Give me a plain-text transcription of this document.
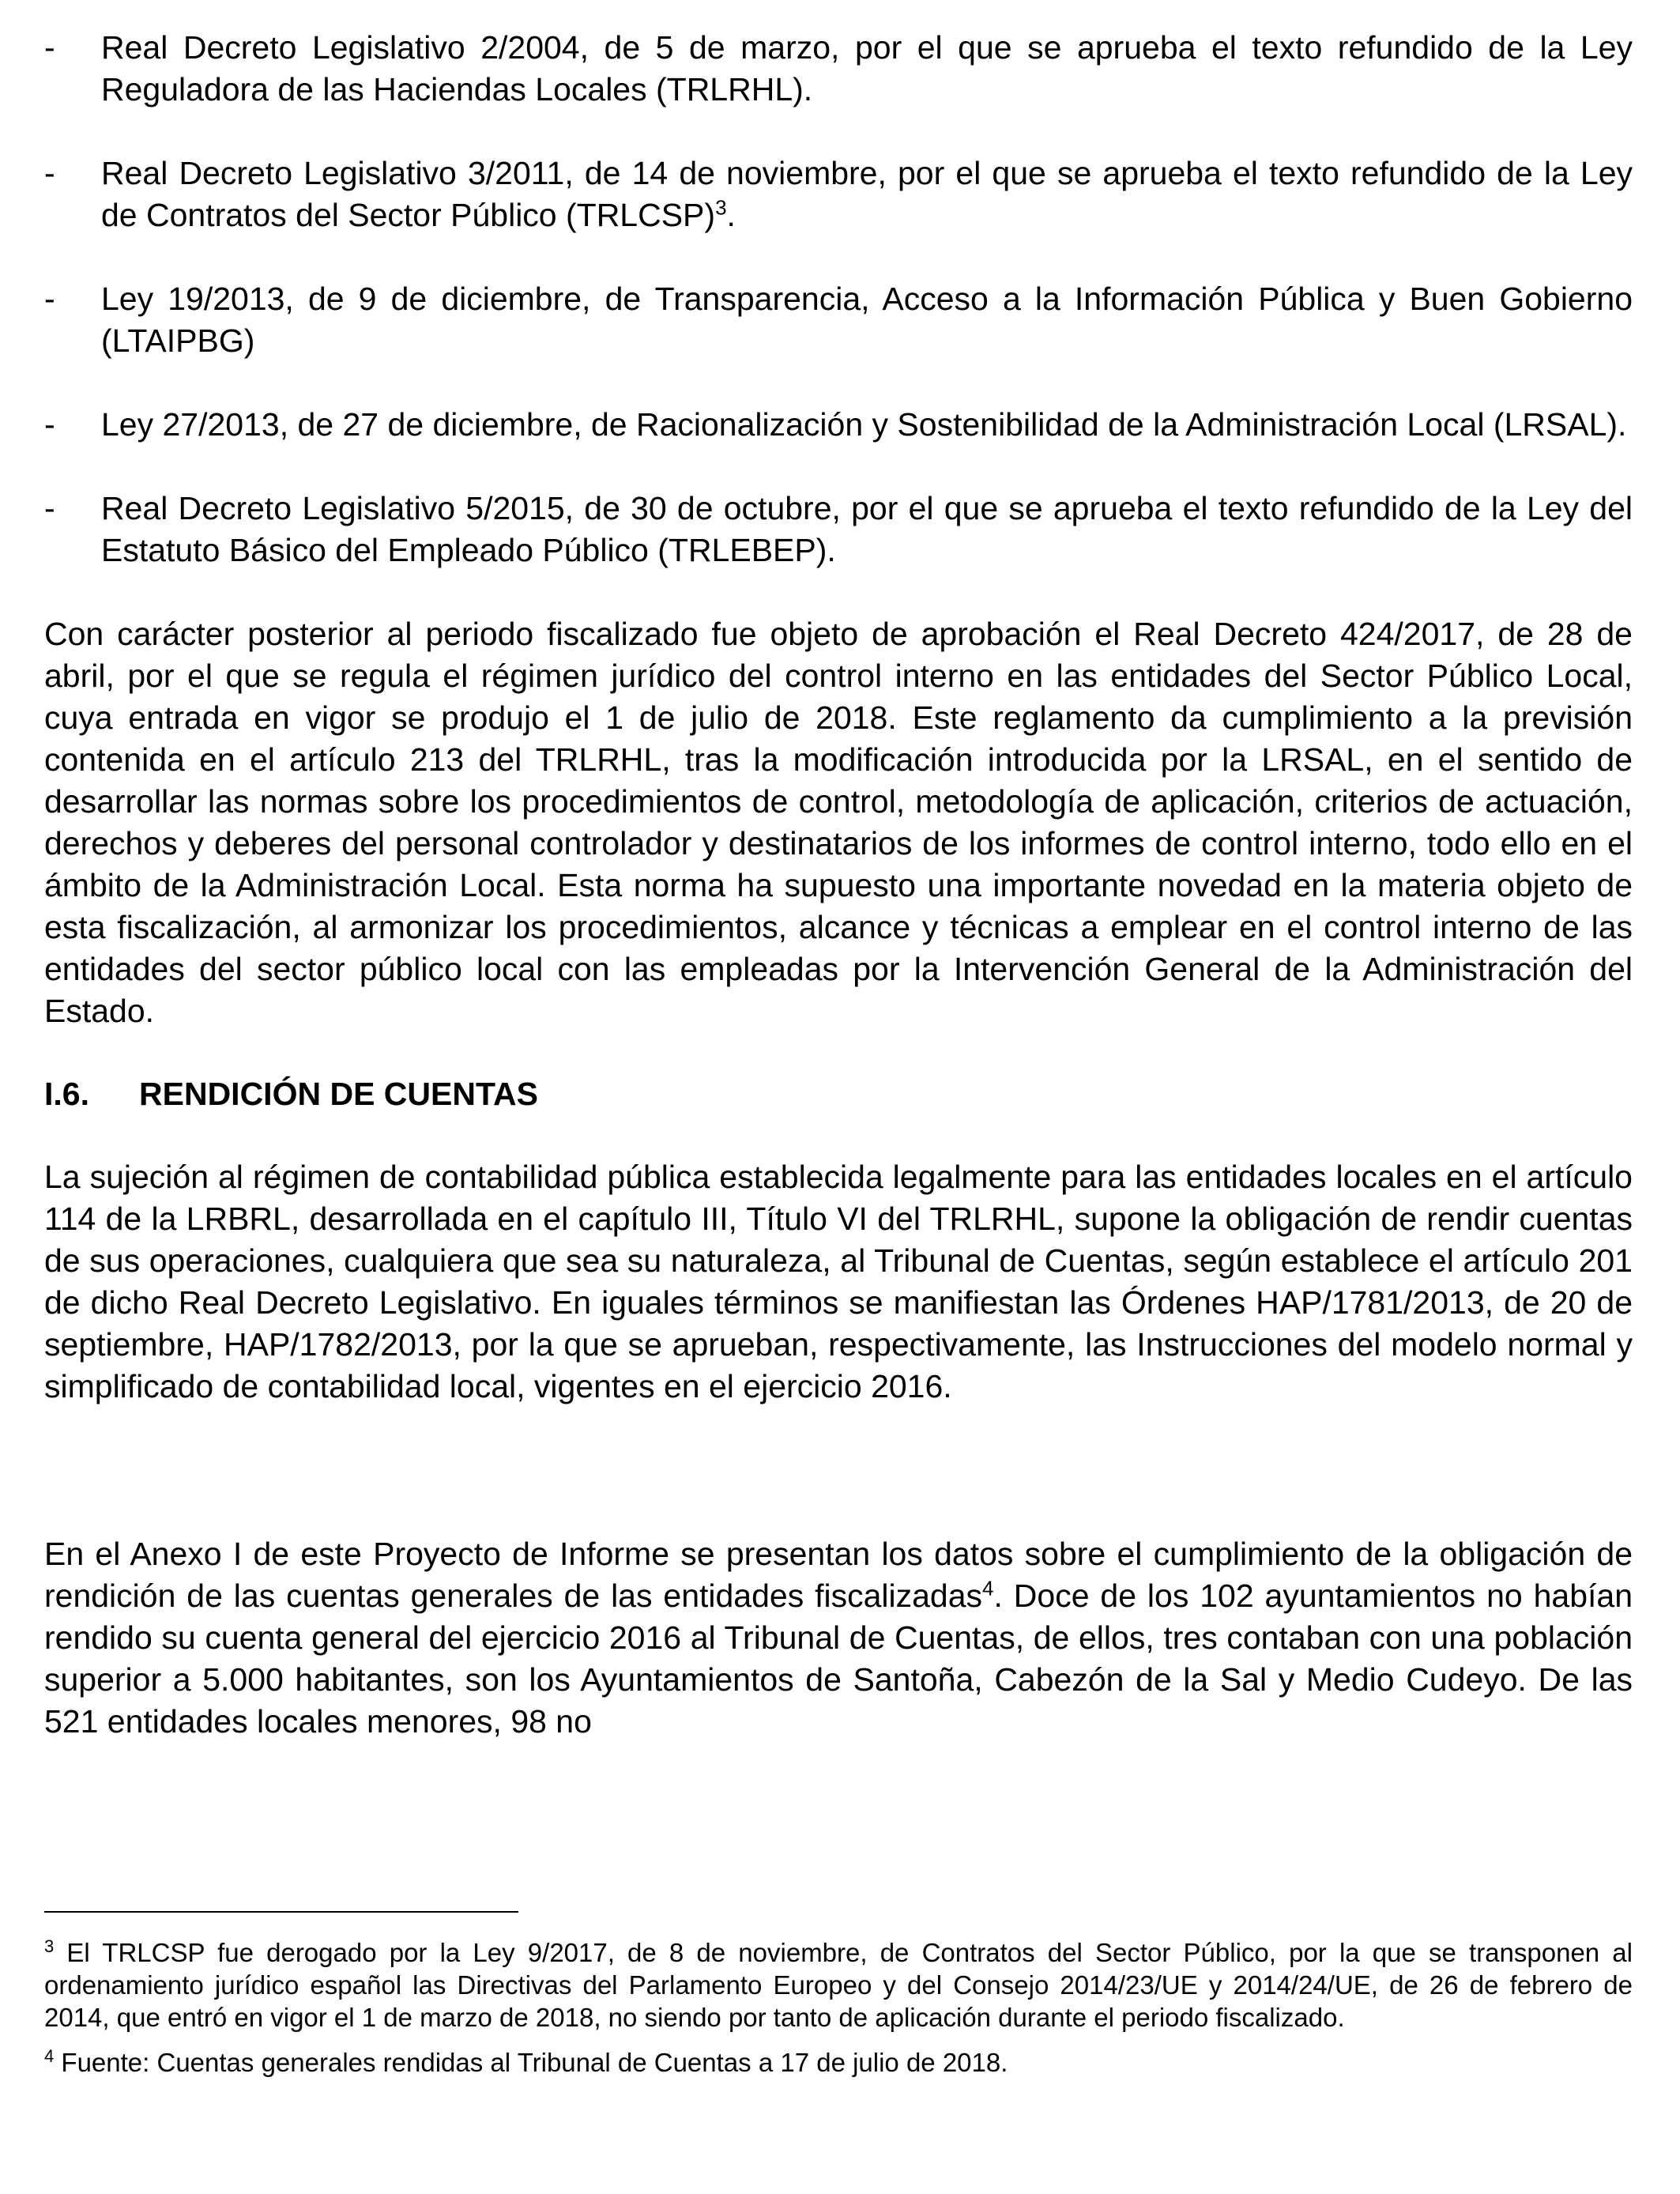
- Real Decreto Legislativo 2/2004, de 5 de marzo, por el que se aprueba el texto refundido de la Ley Reguladora de las Haciendas Locales (TRLRHL).
- Real Decreto Legislativo 3/2011, de 14 de noviembre, por el que se aprueba el texto refundido de la Ley de Contratos del Sector Público (TRLCSP)$^3$.
- Ley 19/2013, de 9 de diciembre, de Transparencia, Acceso a la Información Pública y Buen Gobierno (LTAIPBG)
- Ley 27/2013, de 27 de diciembre, de Racionalización y Sostenibilidad de la Administración Local (LRSAL).
- Real Decreto Legislativo 5/2015, de 30 de octubre, por el que se aprueba el texto refundido de la Ley del Estatuto Básico del Empleado Público (TRLEBEP).

Con carácter posterior al periodo fiscalizado fue objeto de aprobación el Real Decreto 424/2017, de 28 de abril, por el que se regula el régimen jurídico del control interno en las entidades del Sector Público Local, cuya entrada en vigor se produjo el 1 de julio de 2018. Este reglamento da cumplimiento a la previsión contenida en el artículo 213 del TRLRHL, tras la modificación introducida por la LRSAL, en el sentido de desarrollar las normas sobre los procedimientos de control, metodología de aplicación, criterios de actuación, derechos y deberes del personal controlador y destinatarios de los informes de control interno, todo ello en el ámbito de la Administración Local. Esta norma ha supuesto una importante novedad en la materia objeto de esta fiscalización, al armonizar los procedimientos, alcance y técnicas a emplear en el control interno de las entidades del sector público local con las empleadas por la Intervención General de la Administración del Estado.

I.6. RENDICIÓN DE CUENTAS

La sujeción al régimen de contabilidad pública establecida legalmente para las entidades locales en el artículo 114 de la LRBRL, desarrollada en el capítulo III, Título VI del TRLRHL, supone la obligación de rendir cuentas de sus operaciones, cualquiera que sea su naturaleza, al Tribunal de Cuentas, según establece el artículo 201 de dicho Real Decreto Legislativo. En iguales términos se manifiestan las Órdenes HAP/1781/2013, de 20 de septiembre, HAP/1782/2013, por la que se aprueban, respectivamente, las Instrucciones del modelo normal y simplificado de contabilidad local, vigentes en el ejercicio 2016.

En el Anexo I de este Proyecto de Informe se presentan los datos sobre el cumplimiento de la obligación de rendición de las cuentas generales de las entidades fiscalizadas$^4$. Doce de los 102 ayuntamientos no habían rendido su cuenta general del ejercicio 2016 al Tribunal de Cuentas, de ellos, tres contaban con una población superior a 5.000 habitantes, son los Ayuntamientos de Santoña, Cabezón de la Sal y Medio Cudeyo. De las 521 entidades locales menores, 98 no

$^3$ El TRLCSP fue derogado por la Ley 9/2017, de 8 de noviembre, de Contratos del Sector Público, por la que se transponen al ordenamiento jurídico español las Directivas del Parlamento Europeo y del Consejo 2014/23/UE y 2014/24/UE, de 26 de febrero de 2014, que entró en vigor el 1 de marzo de 2018, no siendo por tanto de aplicación durante el periodo fiscalizado.

$^4$ Fuente: Cuentas generales rendidas al Tribunal de Cuentas a 17 de julio de 2018.
